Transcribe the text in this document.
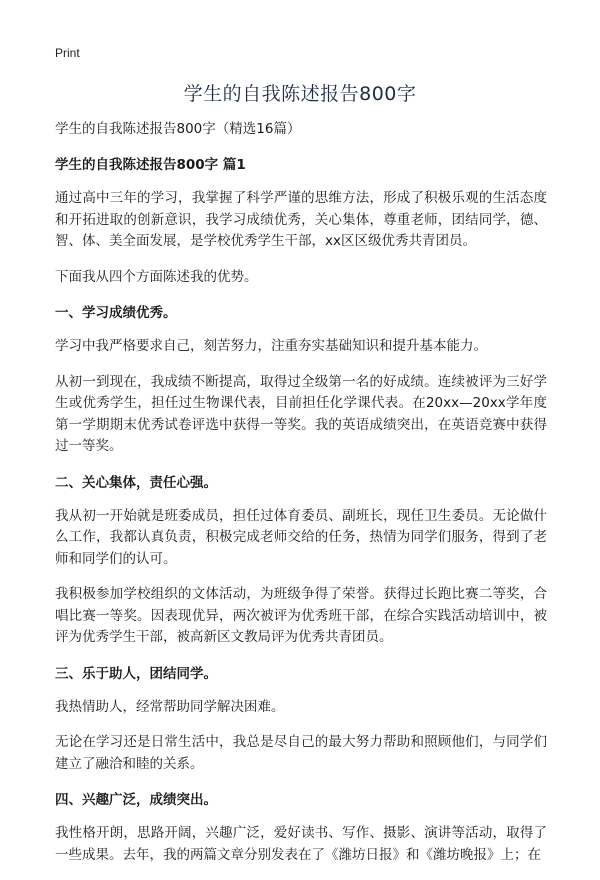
Print
学生的自我陈述报告800字

学生的自我陈述报告800字（精选16篇）

学生的自我陈述报告800字 篇1

通过高中三年的学习，我掌握了科学严谨的思维方法，形成了积极乐观的生活态度和开拓进取的创新意识，我学习成绩优秀，关心集体，尊重老师，团结同学，德、智、体、美全面发展，是学校优秀学生干部，xx区区级优秀共青团员。

下面我从四个方面陈述我的优势。

一、学习成绩优秀。

学习中我严格要求自己，刻苦努力，注重夯实基础知识和提升基本能力。

从初一到现在，我成绩不断提高，取得过全级第一名的好成绩。连续被评为三好学生或优秀学生，担任过生物课代表，目前担任化学课代表。在20xx—20xx学年度第一学期期末优秀试卷评选中获得一等奖。我的英语成绩突出，在英语竞赛中获得过一等奖。

二、关心集体，责任心强。

我从初一开始就是班委成员，担任过体育委员、副班长，现任卫生委员。无论做什么工作，我都认真负责，积极完成老师交给的任务，热情为同学们服务，得到了老师和同学们的认可。

我积极参加学校组织的文体活动，为班级争得了荣誉。获得过长跑比赛二等奖，合唱比赛一等奖。因表现优异，两次被评为优秀班干部，在综合实践活动培训中，被评为优秀学生干部，被高新区文教局评为优秀共青团员。

三、乐于助人，团结同学。

我热情助人，经常帮助同学解决困难。

无论在学习还是日常生活中，我总是尽自己的最大努力帮助和照顾他们，与同学们建立了融洽和睦的关系。

四、兴趣广泛，成绩突出。

我性格开朗，思路开阔，兴趣广泛，爱好读书、写作、摄影、演讲等活动，取得了一些成果。去年，我的两篇文章分别发表在了《潍坊日报》和《潍坊晚报》上；在
